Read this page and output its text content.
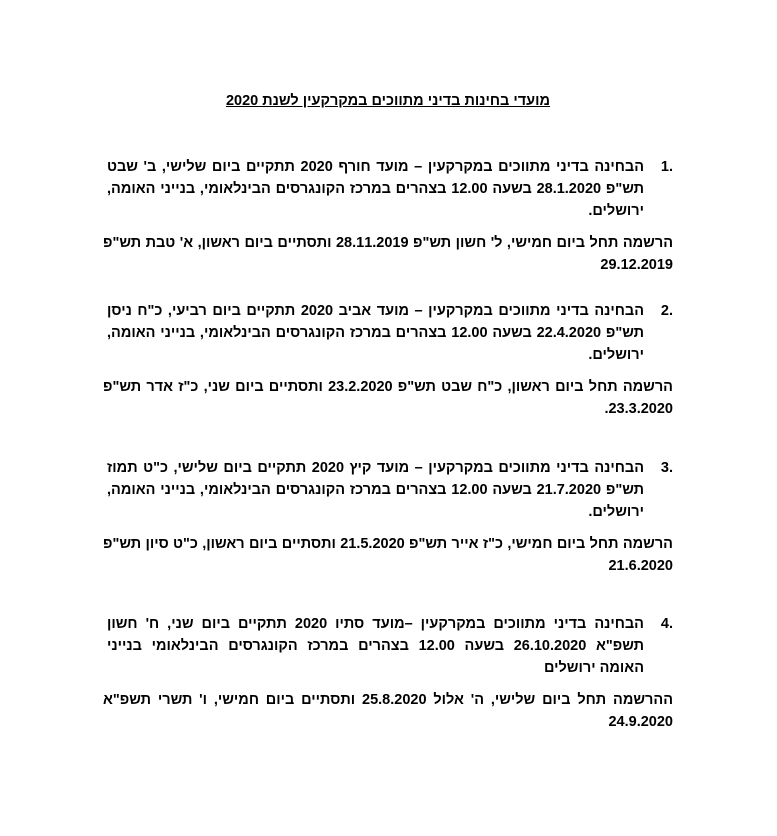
מועדי בחינות בדיני מתווכים במקרקעין לשנת 2020
1.
הבחינה בדיני מתווכים במקרקעין – מועד חורף 2020 תתקיים ביום שלישי, ב' שבט תש"פ 28.1.2020 בשעה 12.00 בצהרים במרכז הקונגרסים הבינלאומי, בנייני האומה, ירושלים.
הרשמה תחל ביום חמישי, ל' חשון תש"פ 28.11.2019 ותסתיים ביום ראשון, א' טבת תש"פ 29.12.2019
2.
הבחינה בדיני מתווכים במקרקעין – מועד אביב 2020 תתקיים ביום רביעי, כ"ח ניסן תש"פ 22.4.2020 בשעה 12.00 בצהרים במרכז הקונגרסים הבינלאומי, בנייני האומה, ירושלים.
הרשמה תחל ביום ראשון, כ"ח שבט תש"פ 23.2.2020 ותסתיים ביום שני, כ"ז אדר תש"פ 23.3.2020.
3.
הבחינה בדיני מתווכים במקרקעין – מועד קיץ 2020 תתקיים ביום שלישי, כ"ט תמוז תש"פ 21.7.2020 בשעה 12.00 בצהרים במרכז הקונגרסים הבינלאומי, בנייני האומה, ירושלים.
הרשמה תחל ביום חמישי, כ"ז אייר תש"פ 21.5.2020 ותסתיים ביום ראשון, כ"ט סיון תש"פ 21.6.2020
4.
הבחינה בדיני מתווכים במקרקעין –מועד סתיו 2020 תתקיים ביום שני, ח' חשון תשפ"א 26.10.2020 בשעה 12.00 בצהרים במרכז הקונגרסים הבינלאומי בנייני האומה ירושלים
ההרשמה תחל ביום שלישי, ה' אלול 25.8.2020 ותסתיים ביום חמישי, ו' תשרי תשפ"א 24.9.2020
